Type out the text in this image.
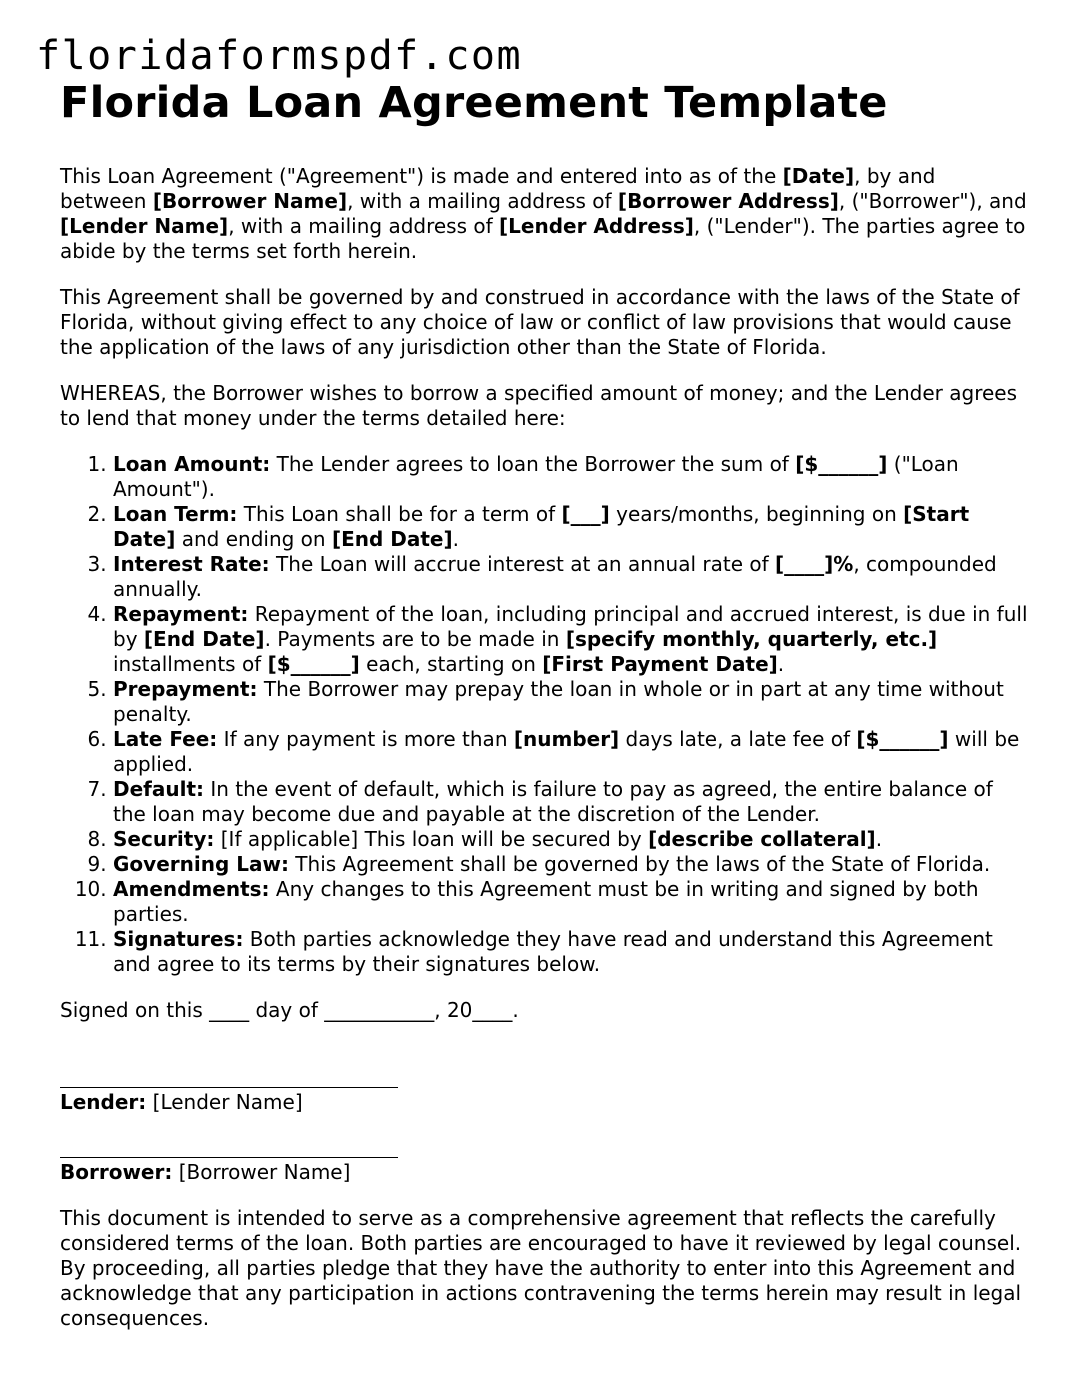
floridaformspdf.com
Florida Loan Agreement Template

This Loan Agreement ("Agreement") is made and entered into as of the [Date], by and between [Borrower Name], with a mailing address of [Borrower Address], ("Borrower"), and [Lender Name], with a mailing address of [Lender Address], ("Lender"). The parties agree to abide by the terms set forth herein.

This Agreement shall be governed by and construed in accordance with the laws of the State of Florida, without giving effect to any choice of law or conflict of law provisions that would cause the application of the laws of any jurisdiction other than the State of Florida.

WHEREAS, the Borrower wishes to borrow a specified amount of money; and the Lender agrees to lend that money under the terms detailed here:

1. Loan Amount: The Lender agrees to loan the Borrower the sum of [$______] ("Loan Amount").
2. Loan Term: This Loan shall be for a term of [___] years/months, beginning on [Start Date] and ending on [End Date].
3. Interest Rate: The Loan will accrue interest at an annual rate of [____]%, compounded annually.
4. Repayment: Repayment of the loan, including principal and accrued interest, is due in full by [End Date]. Payments are to be made in [specify monthly, quarterly, etc.] installments of [$______] each, starting on [First Payment Date].
5. Prepayment: The Borrower may prepay the loan in whole or in part at any time without penalty.
6. Late Fee: If any payment is more than [number] days late, a late fee of [$______] will be applied.
7. Default: In the event of default, which is failure to pay as agreed, the entire balance of the loan may become due and payable at the discretion of the Lender.
8. Security: [If applicable] This loan will be secured by [describe collateral].
9. Governing Law: This Agreement shall be governed by the laws of the State of Florida.
10. Amendments: Any changes to this Agreement must be in writing and signed by both parties.
11. Signatures: Both parties acknowledge they have read and understand this Agreement and agree to its terms by their signatures below.

Signed on this ____ day of ___________, 20____.

Lender: [Lender Name]
Borrower: [Borrower Name]

This document is intended to serve as a comprehensive agreement that reflects the carefully considered terms of the loan. Both parties are encouraged to have it reviewed by legal counsel. By proceeding, all parties pledge that they have the authority to enter into this Agreement and acknowledge that any participation in actions contravening the terms herein may result in legal consequences.
